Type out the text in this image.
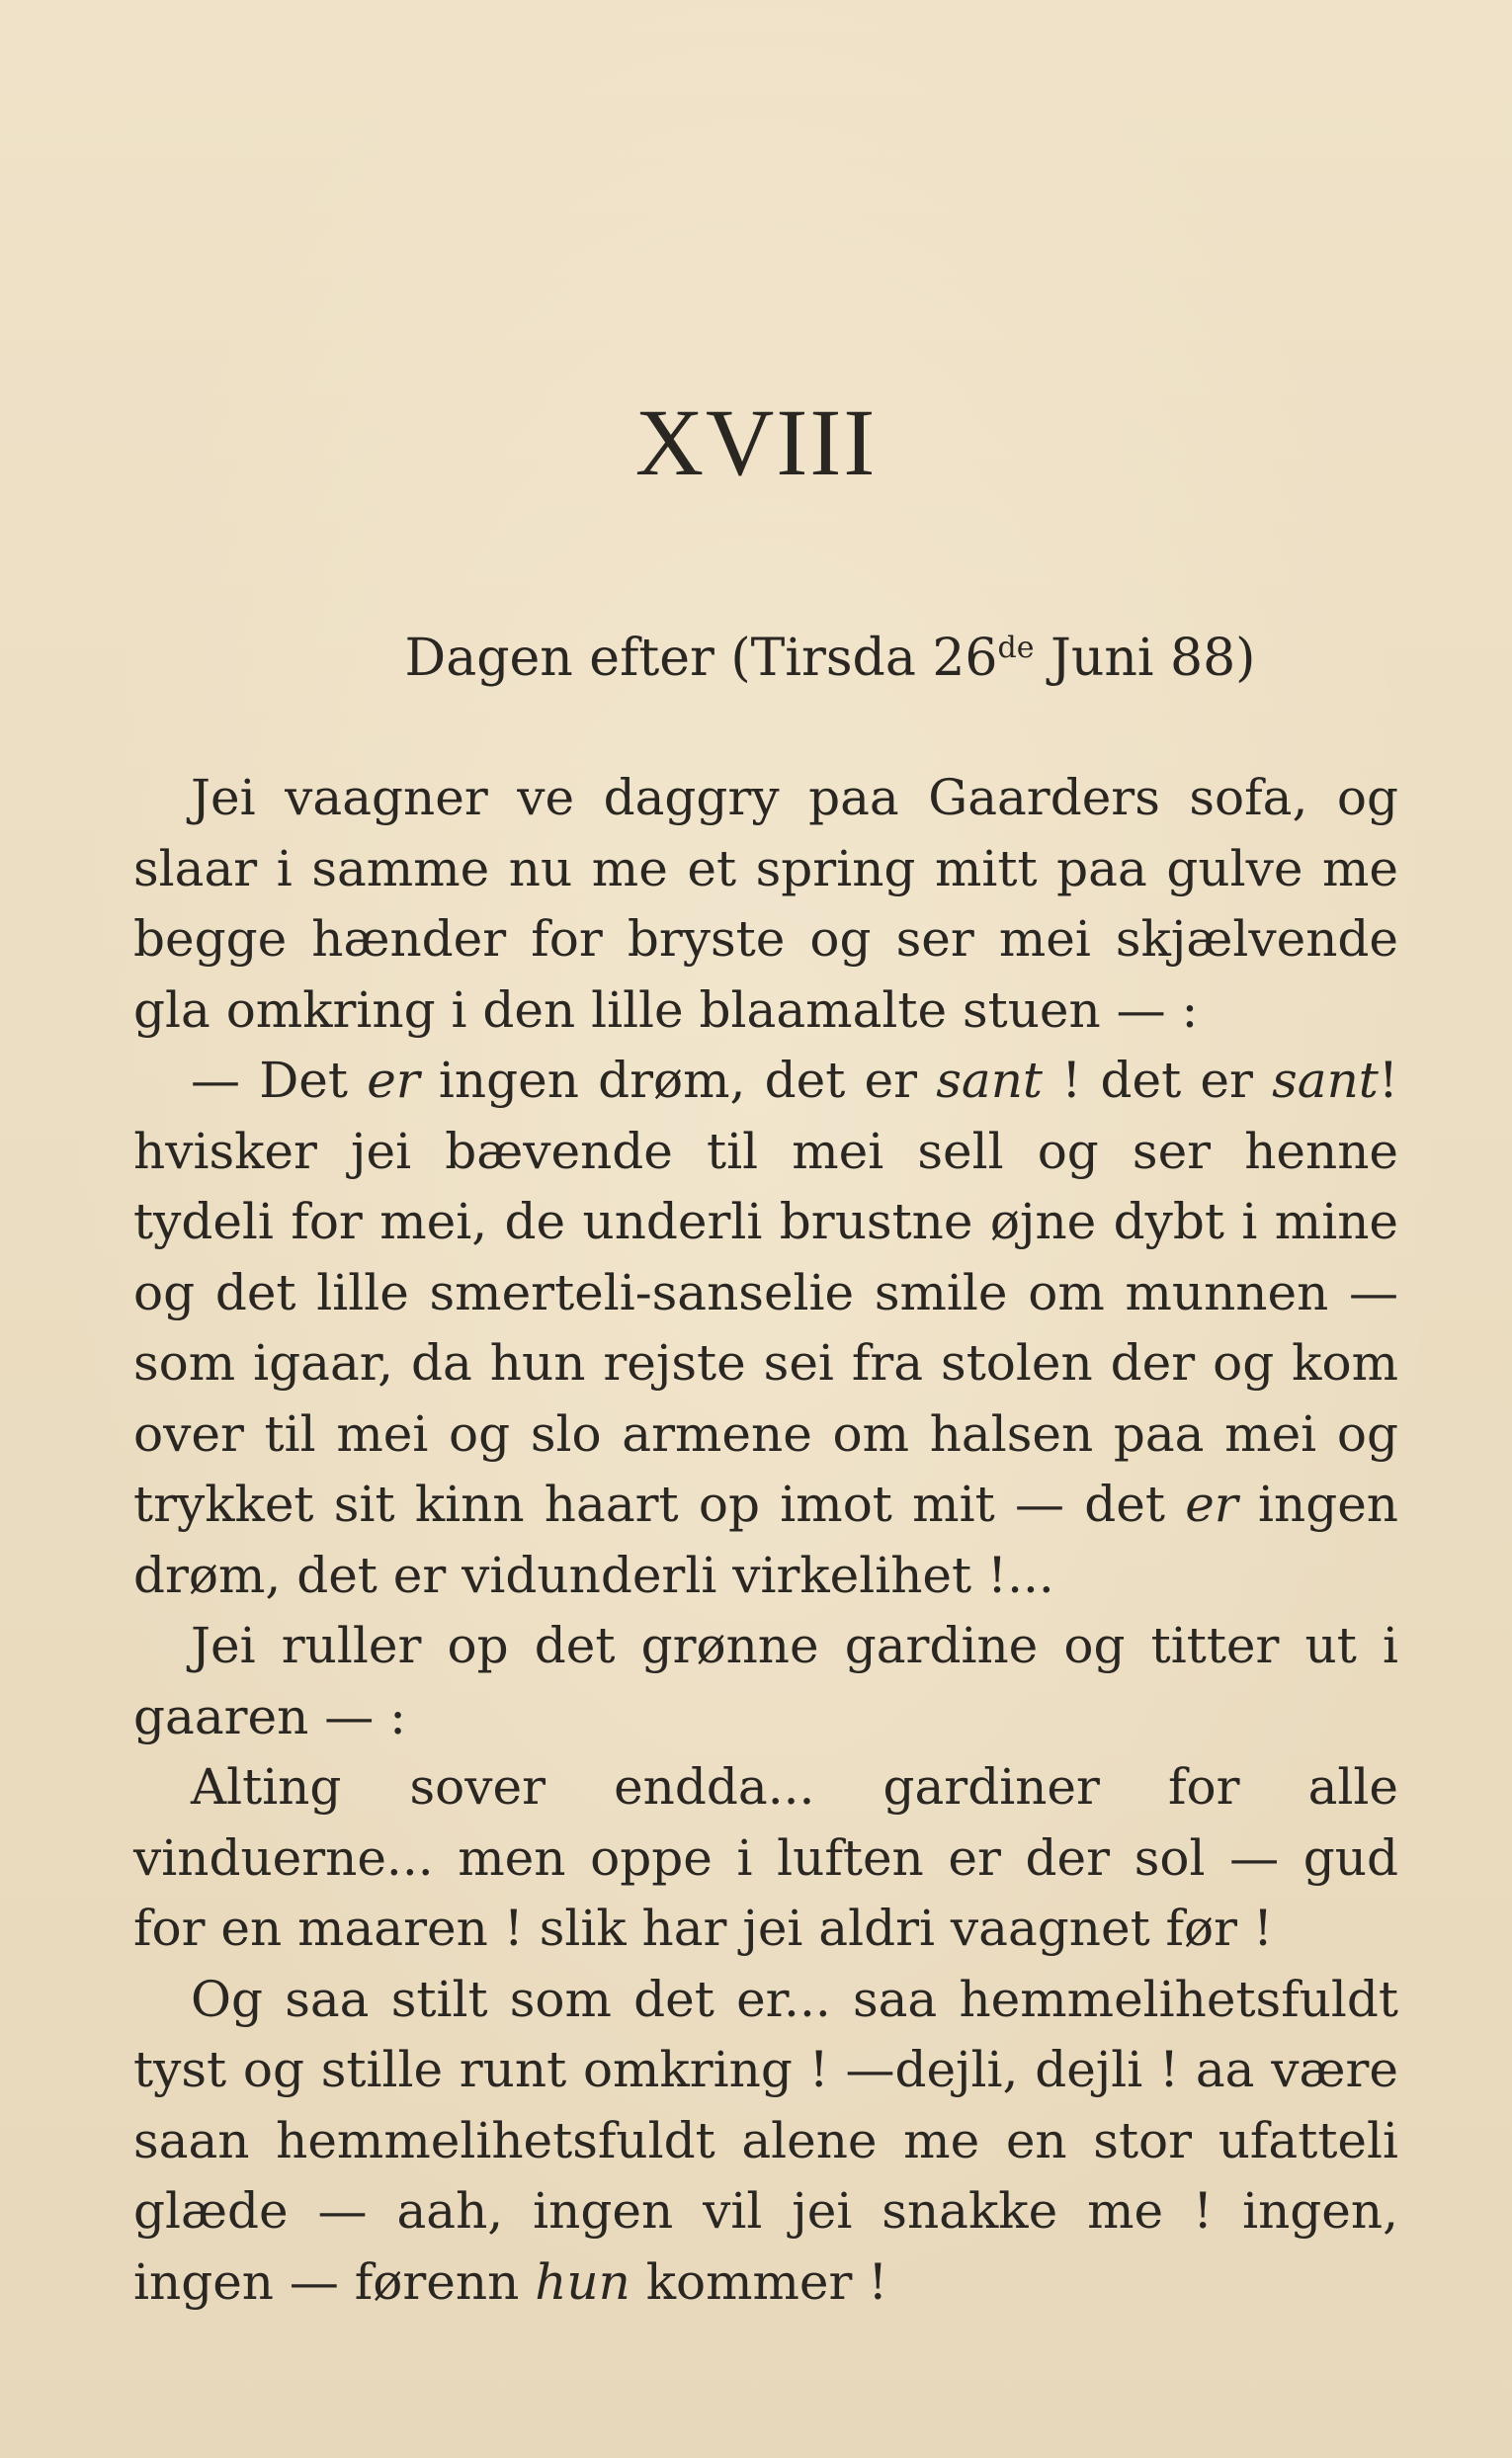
XVIII
Dagen efter (Tirsda 26de Juni 88)

Jei vaagner ve daggry paa Gaarders sofa, og slaar i samme nu me et spring mitt paa gulve me begge hænder for bryste og ser mei skjælvende gla omkring i den lille blaamalte stuen — :

— Det er ingen drøm, det er sant ! det er sant! hvisker jei bævende til mei sell og ser henne tydeli for mei, de underli brustne øjne dybt i mine og det lille smerteli-sanselie smile om munnen — som igaar, da hun rejste sei fra stolen der og kom over til mei og slo armene om halsen paa mei og trykket sit kinn haart op imot mit — det er ingen drøm, det er vidunderli virkelihet !...

Jei ruller op det grønne gardine og titter ut i gaaren — :

Alting sover endda... gardiner for alle vinduerne... men oppe i luften er der sol — gud for en maaren ! slik har jei aldri vaagnet før !

Og saa stilt som det er... saa hemmelihetsfuldt tyst og stille runt omkring ! —dejli, dejli ! aa være saan hemmelihetsfuldt alene me en stor ufatteli glæde — aah, ingen vil jei snakke me ! ingen, ingen — førenn hun kommer !
